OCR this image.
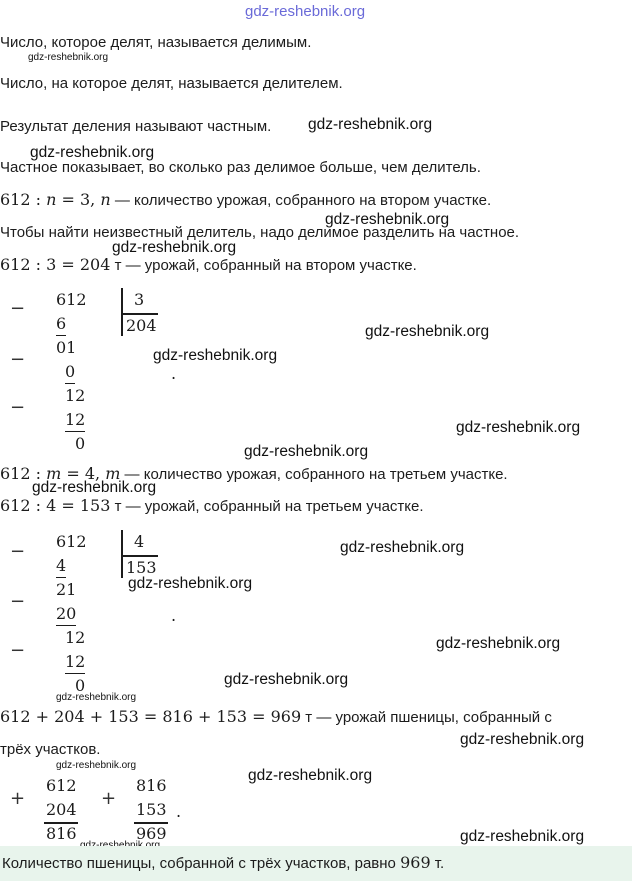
gdz-reshebnik.org
Число, которое делят, называется делимым.
gdz-reshebnik.org
Число, на которое делят, называется делителем.
Результат деления называют частным. gdz-reshebnik.org
gdz-reshebnik.org
Частное показывает, во сколько раз делимое больше, чем делитель.
612 : n = 3, n — количество урожая, собранного на втором участке.
gdz-reshebnik.org
Чтобы найти неизвестный делитель, надо делимое разделить на частное.
gdz-reshebnik.org
612 : 3 = 204 т — урожай, собранный на втором участке.
−
−
−
612
6
01
0
12
12
0
3
204
.
gdz-reshebnik.org
gdz-reshebnik.org
gdz-reshebnik.org
gdz-reshebnik.org
612 : m = 4, m — количество урожая, собранного на третьем участке.
gdz-reshebnik.org
612 : 4 = 153 т — урожай, собранный на третьем участке.
−
−
−
612
4
21
20
12
12
0
4
153
.
gdz-reshebnik.org
gdz-reshebnik.org
gdz-reshebnik.org
gdz-reshebnik.org
gdz-reshebnik.org
612 + 204 + 153 = 816 + 153 = 969 т — урожай пшеницы, собранный с
трёх участков.
gdz-reshebnik.org
gdz-reshebnik.org
gdz-reshebnik.org
+
612
204
816
+
816
153
969
.
gdz-reshebnik.org
Количество пшеницы, собранной с трёх участков, равно 969 т.
